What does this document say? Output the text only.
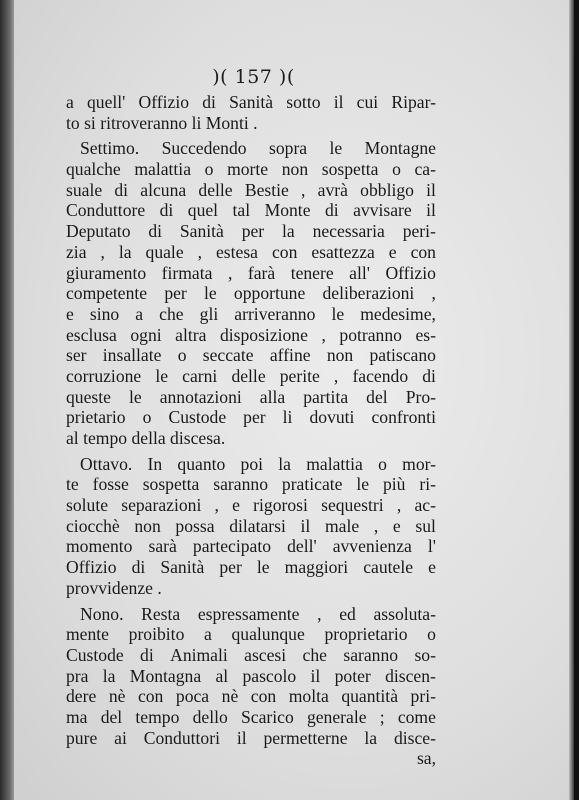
)( 157 )(
a quell' Offizio di Sanità sotto il cui Ripar-
to si ritroveranno li Monti .
Settimo. Succedendo sopra le Montagne
qualche malattia o morte non sospetta o ca-
suale di alcuna delle Bestie , avrà obbligo il
Conduttore di quel tal Monte di avvisare il
Deputato di Sanità per la necessaria peri-
zia , la quale , estesa con esattezza e con
giuramento firmata , farà tenere all' Offizio
competente per le opportune deliberazioni ,
e sino a che gli arriveranno le medesime,
esclusa ogni altra disposizione , potranno es-
ser insallate o seccate affine non patiscano
corruzione le carni delle perite , facendo di
queste le annotazioni alla partita del Pro-
prietario o Custode per li dovuti confronti
al tempo della discesa.
Ottavo. In quanto poi la malattia o mor-
te fosse sospetta saranno praticate le più ri-
solute separazioni , e rigorosi sequestri , ac-
ciocchè non possa dilatarsi il male , e sul
momento sarà partecipato dell' avvenienza l'
Offizio di Sanità per le maggiori cautele e
provvidenze .
Nono. Resta espressamente , ed assoluta-
mente proibito a qualunque proprietario o
Custode di Animali ascesi che saranno so-
pra la Montagna al pascolo il poter discen-
dere nè con poca nè con molta quantità pri-
ma del tempo dello Scarico generale ; come
pure ai Conduttori il permetterne la disce-
sa,
